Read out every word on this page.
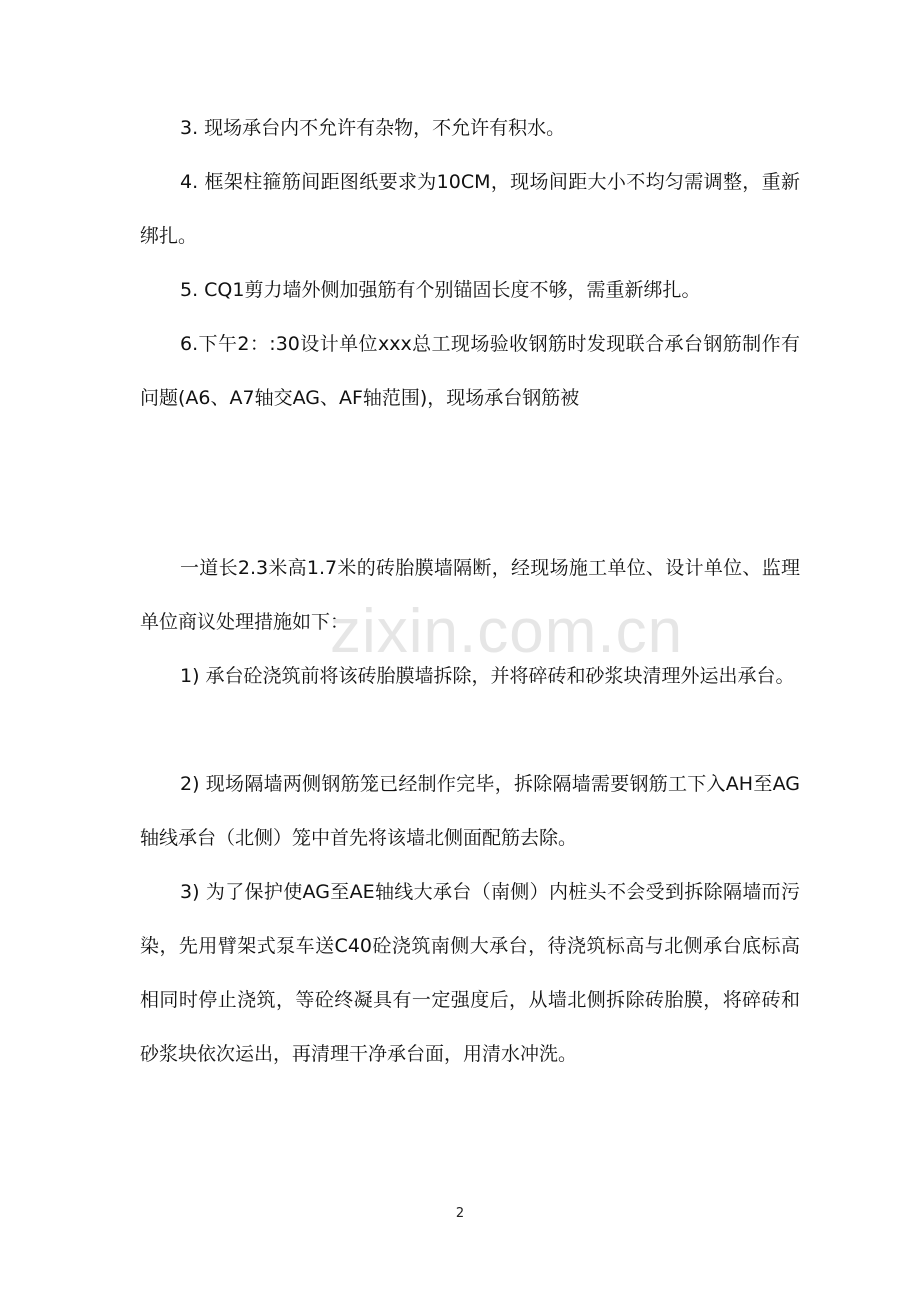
3. 现场承台内不允许有杂物，不允许有积水。

4. 框架柱箍筋间距图纸要求为10CM，现场间距大小不均匀需调整，重新绑扎。

5. CQ1剪力墙外侧加强筋有个别锚固长度不够，需重新绑扎。

6.下午2：:30设计单位xxx总工现场验收钢筋时发现联合承台钢筋制作有问题(A6、A7轴交AG、AF轴范围)，现场承台钢筋被

一道长2.3米高1.7米的砖胎膜墙隔断，经现场施工单位、设计单位、监理单位商议处理措施如下：

1) 承台砼浇筑前将该砖胎膜墙拆除，并将碎砖和砂浆块清理外运出承台。

2) 现场隔墙两侧钢筋笼已经制作完毕，拆除隔墙需要钢筋工下入AH至AG轴线承台（北侧）笼中首先将该墙北侧面配筋去除。

3) 为了保护使AG至AE轴线大承台（南侧）内桩头不会受到拆除隔墙而污染，先用臂架式泵车送C40砼浇筑南侧大承台，待浇筑标高与北侧承台底标高相同时停止浇筑，等砼终凝具有一定强度后，从墙北侧拆除砖胎膜，将碎砖和砂浆块依次运出，再清理干净承台面，用清水冲洗。

zixin.com.cn
2
